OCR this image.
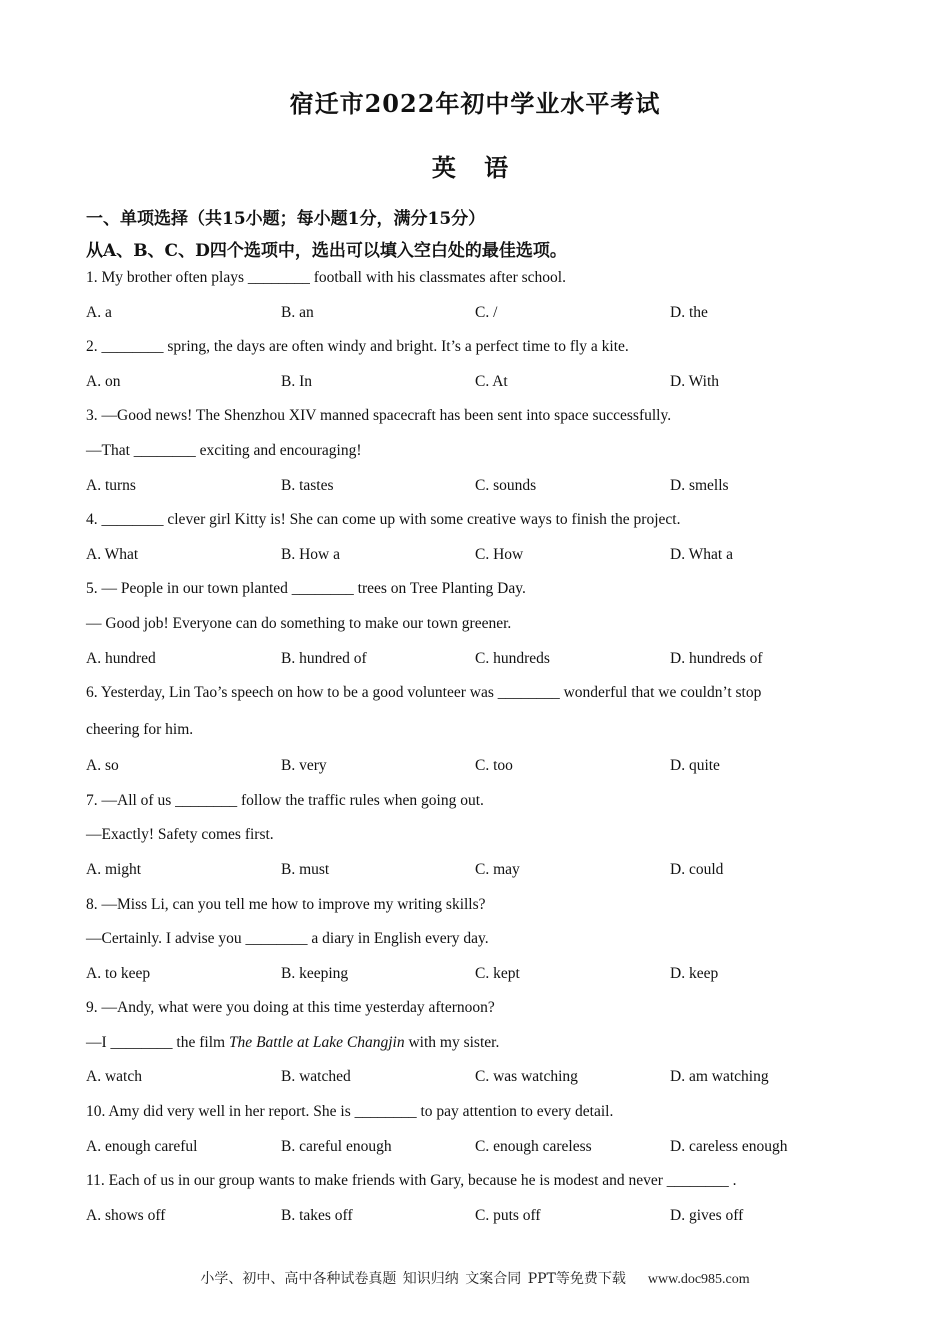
宿迁市2022年初中学业水平考试
英 语
一、单项选择（共15小题；每小题1分，满分15分）
从A、B、C、D四个选项中，选出可以填入空白处的最佳选项。
1. My brother often plays ________ football with his classmates after school.
A. a	B. an	C. /	D. the
2. ________ spring, the days are often windy and bright. It’s a perfect time to fly a kite.
A. on	B. In	C. At	D. With
3. —Good news! The Shenzhou XIV manned spacecraft has been sent into space successfully.
—That ________ exciting and encouraging!
A. turns	B. tastes	C. sounds	D. smells
4. ________ clever girl Kitty is! She can come up with some creative ways to finish the project.
A. What	B. How a	C. How	D. What a
5. — People in our town planted ________ trees on Tree Planting Day.
— Good job! Everyone can do something to make our town greener.
A. hundred	B. hundred of	C. hundreds	D. hundreds of
6. Yesterday, Lin Tao’s speech on how to be a good volunteer was ________ wonderful that we couldn’t stop
cheering for him.
A. so	B. very	C. too	D. quite
7. —All of us ________ follow the traffic rules when going out.
—Exactly! Safety comes first.
A. might	B. must	C. may	D. could
8. —Miss Li, can you tell me how to improve my writing skills?
—Certainly. I advise you ________ a diary in English every day.
A. to keep	B. keeping	C. kept	D. keep
9. —Andy, what were you doing at this time yesterday afternoon?
—I ________ the film The Battle at Lake Changjin with my sister.
A. watch	B. watched	C. was watching	D. am watching
10. Amy did very well in her report. She is ________ to pay attention to every detail.
A. enough careful	B. careful enough	C. enough careless	D. careless enough
11. Each of us in our group wants to make friends with Gary, because he is modest and never ________ .
A. shows off	B. takes off	C. puts off	D. gives off
小学、初中、高中各种试卷真题 知识归纳 文案合同 PPT等免费下载 www.doc985.com
